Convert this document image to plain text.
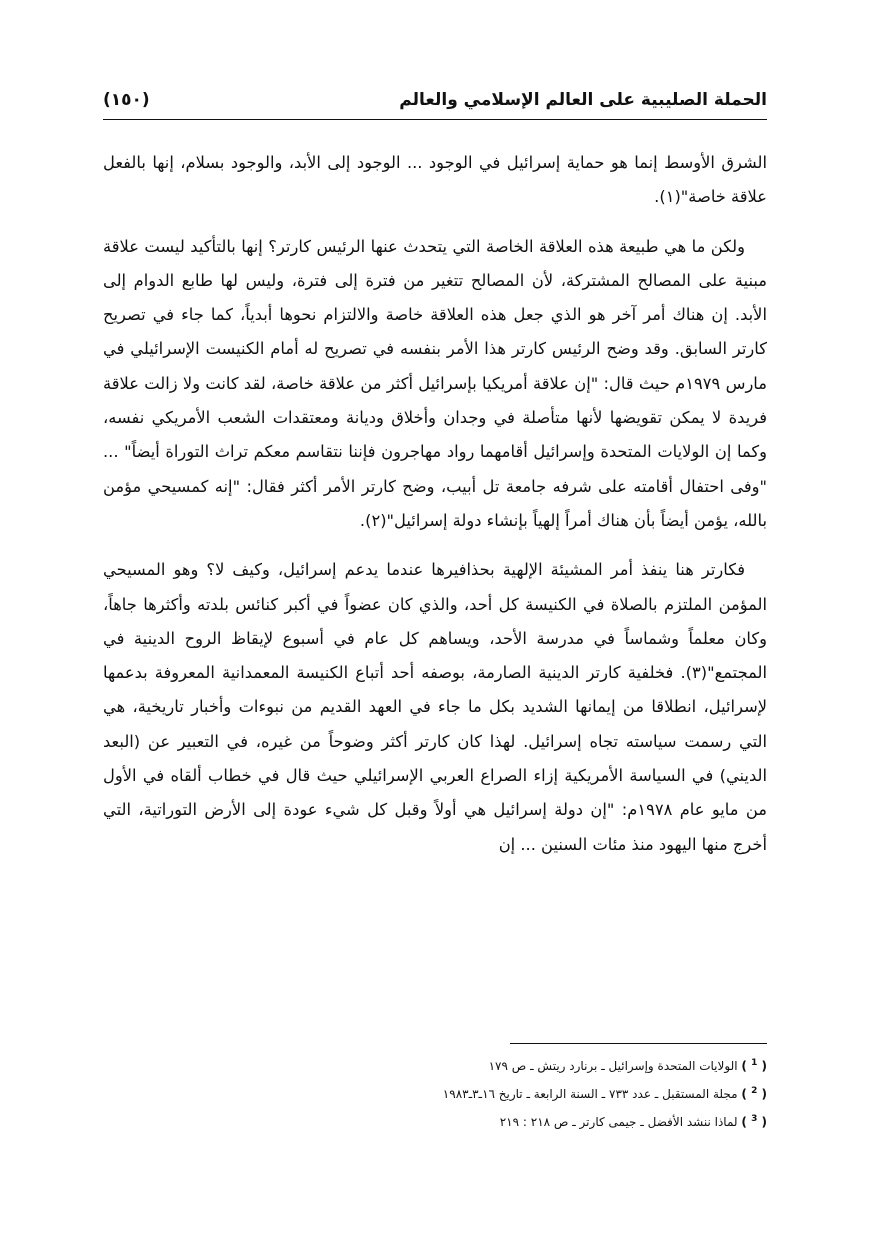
الحملة الصليبية على العالم الإسلامي والعالم
(١٥٠)

الشرق الأوسط إنما هو حماية إسرائيل في الوجود ... الوجود إلى الأبد، والوجود بسلام، إنها بالفعل علاقة خاصة"(١).

ولكن ما هي طبيعة هذه العلاقة الخاصة التي يتحدث عنها الرئيس كارتر؟ إنها بالتأكيد ليست علاقة مبنية على المصالح المشتركة، لأن المصالح تتغير من فترة إلى فترة، وليس لها طابع الدوام إلى الأبد. إن هناك أمر آخر هو الذي جعل هذه العلاقة خاصة والالتزام نحوها أبدياً، كما جاء في تصريح كارتر السابق. وقد وضح الرئيس كارتر هذا الأمر بنفسه في تصريح له أمام الكنيست الإسرائيلي في مارس ١٩٧٩م حيث قال: "إن علاقة أمريكيا بإسرائيل أكثر من علاقة خاصة، لقد كانت ولا زالت علاقة فريدة لا يمكن تقويضها لأنها متأصلة في وجدان وأخلاق وديانة ومعتقدات الشعب الأمريكي نفسه، وكما إن الولايات المتحدة وإسرائيل أقامهما رواد مهاجرون فإننا نتقاسم معكم تراث التوراة أيضاً" ... "وفى احتفال أقامته على شرفه جامعة تل أبيب، وضح كارتر الأمر أكثر فقال: "إنه كمسيحي مؤمن بالله، يؤمن أيضاً بأن هناك أمراً إلهياً بإنشاء دولة إسرائيل"(٢).

فكارتر هنا ينفذ أمر المشيئة الإلهية بحذافيرها عندما يدعم إسرائيل، وكيف لا؟ وهو المسيحي المؤمن الملتزم بالصلاة في الكنيسة كل أحد، والذي كان عضواً في أكبر كنائس بلدته وأكثرها جاهاً، وكان معلماً وشماساً في مدرسة الأحد، ويساهم كل عام في أسبوع لإيقاظ الروح الدينية في المجتمع"(٣). فخلفية كارتر الدينية الصارمة، بوصفه أحد أتباع الكنيسة المعمدانية المعروفة بدعمها لإسرائيل، انطلاقا من إيمانها الشديد بكل ما جاء في العهد القديم من نبوءات وأخبار تاريخية، هي التي رسمت سياسته تجاه إسرائيل. لهذا كان كارتر أكثر وضوحاً من غيره، في التعبير عن (البعد الديني) في السياسة الأمريكية إزاء الصراع العربي الإسرائيلي حيث قال في خطاب ألقاه في الأول من مايو عام ١٩٧٨م: "إن دولة إسرائيل هي أولاً وقبل كل شيء عودة إلى الأرض التوراتية، التي أخرج منها اليهود منذ مئات السنين ... إن

( $^1$ ) الولايات المتحدة وإسرائيل ـ برنارد ريتش ـ ص ١٧٩
( $^2$ ) مجلة المستقبل ـ عدد ٧٣٣ ـ السنة الرابعة ـ تاريخ ١٦ـ٣ـ١٩٨٣
( $^3$ ) لماذا ننشد الأفضل ـ جيمى كارتر ـ ص ٢١٨ : ٢١٩
